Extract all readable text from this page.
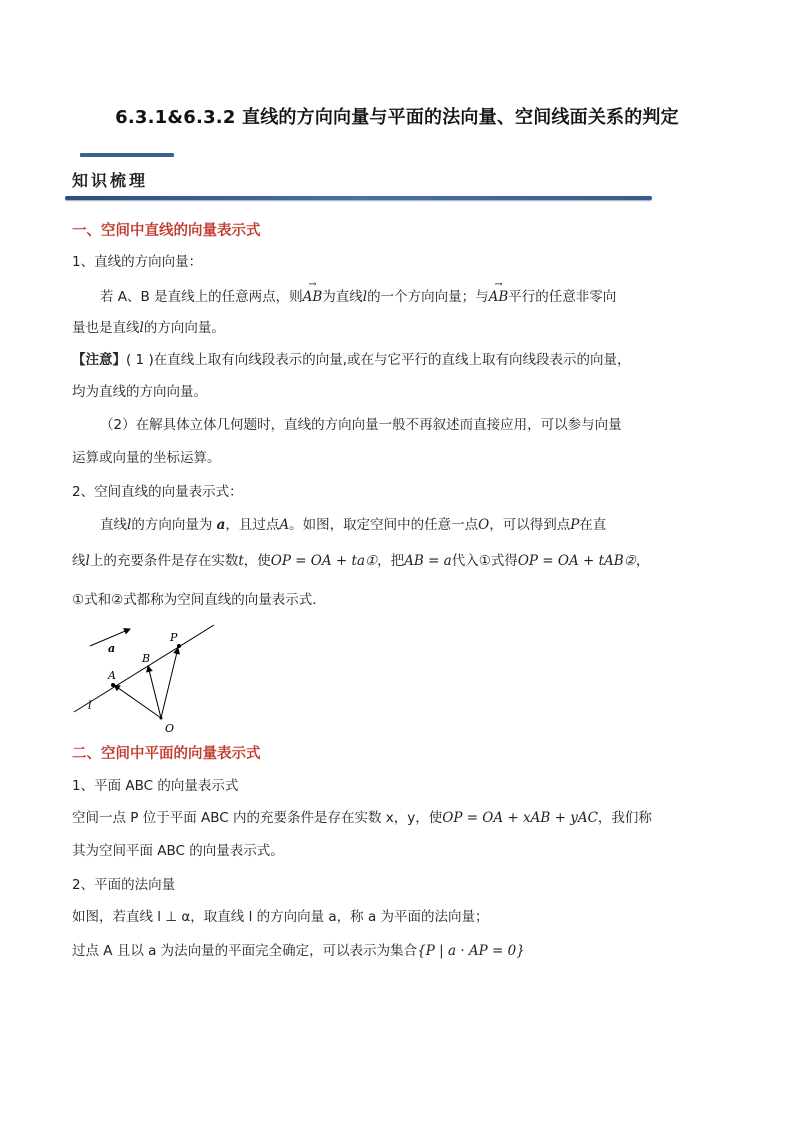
6.3.1&6.3.2 直线的方向向量与平面的法向量、空间线面关系的判定
知识梳理
一、空间中直线的向量表示式
1、直线的方向向量：
若 A、B 是直线上的任意两点，则→ AB为直线l的一个方向向量；与→ AB平行的任意非零向
量也是直线l的方向向量。
【注意】( 1 )在直线上取有向线段表示的向量,或在与它平行的直线上取有向线段表示的向量，
均为直线的方向向量。
（2）在解具体立体几何题时，直线的方向向量一般不再叙述而直接应用，可以参与向量
运算或向量的坐标运算。
2、空间直线的向量表示式：
直线l的方向向量为 a，且过点A。如图，取定空间中的任意一点O，可以得到点P在直
线l上的充要条件是存在实数t，使OP = OA + ta①，把AB = a代入①式得OP = OA + tAB②，
①式和②式都称为空间直线的向量表示式．
a
A
B
P
O
l
二、空间中平面的向量表示式
1、平面 ABC 的向量表示式
空间一点 P 位于平面 ABC 内的充要条件是存在实数 x，y，使OP = OA + xAB + yAC，我们称
其为空间平面 ABC 的向量表示式。
2、平面的法向量
如图，若直线 l ⊥ α，取直线 l 的方向向量 a，称 a 为平面的法向量；
过点 A 且以 a 为法向量的平面完全确定，可以表示为集合{P | a · AP = 0}
